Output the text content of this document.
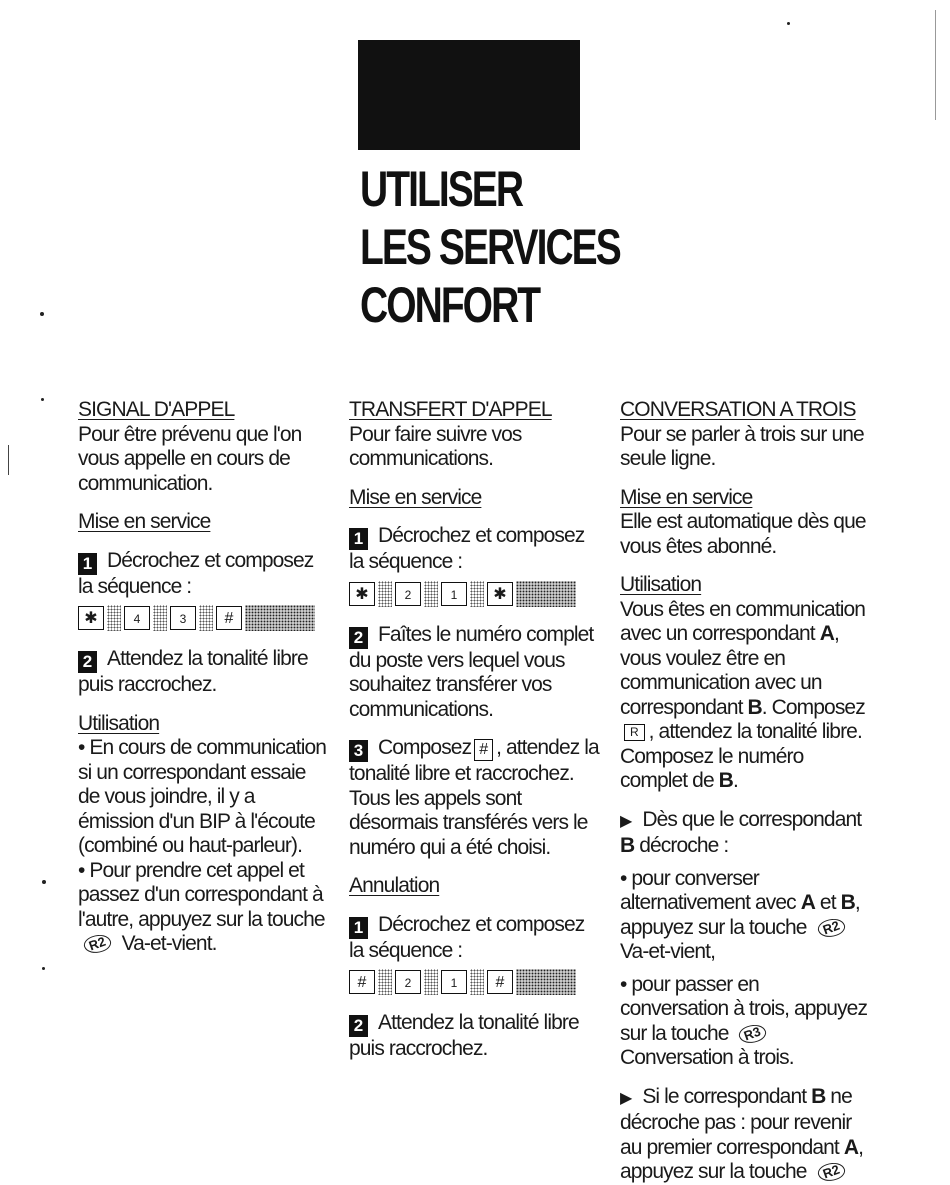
UTILISER
LES SERVICES
CONFORT

SIGNAL D'APPEL

Pour être prévenu que l'on vous appelle en cours de communication.

Mise en service

1 Décrochez et composez la séquence :

✱	4	3	#

2 Attendez la tonalité libre puis raccrochez.

Utilisation

• En cours de communication si un correspondant essaie de vous joindre, il y a émission d'un BIP à l'écoute (combiné ou haut-parleur).

• Pour prendre cet appel et passez d'un correspondant à l'autre, appuyez sur la touche R2 Va-et-vient.

TRANSFERT D'APPEL

Pour faire suivre vos communications.

Mise en service

1 Décrochez et composez la séquence :

✱	2	1	✱

2 Faîtes le numéro complet du poste vers lequel vous souhaitez transférer vos communications.

3 Composez # , attendez la tonalité libre et raccrochez. Tous les appels sont désormais transférés vers le numéro qui a été choisi.

Annulation

1 Décrochez et composez la séquence :

#	2	1	#

2 Attendez la tonalité libre puis raccrochez.

CONVERSATION A TROIS

Pour se parler à trois sur une seule ligne.

Mise en service

Elle est automatique dès que vous êtes abonné.

Utilisation

Vous êtes en communication avec un correspondant A, vous voulez être en communication avec un correspondant B. Composez R , attendez la tonalité libre. Composez le numéro complet de B.

▶ Dès que le correspondant B décroche :

• pour converser alternativement avec A et B, appuyez sur la touche R2 Va-et-vient,

• pour passer en conversation à trois, appuyez sur la touche R3 Conversation à trois.

▶ Si le correspondant B ne décroche pas : pour revenir au premier correspondant A, appuyez sur la touche R2
